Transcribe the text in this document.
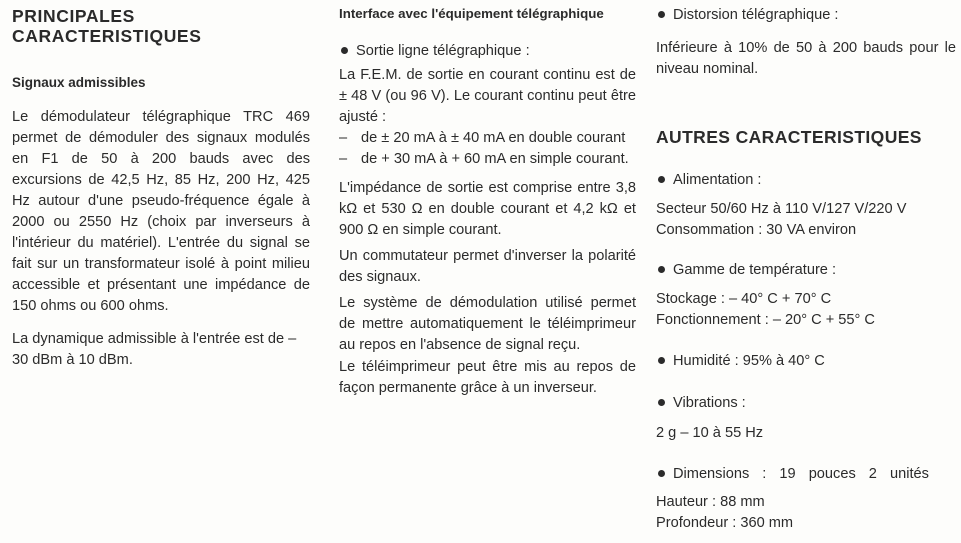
PRINCIPALES
CARACTERISTIQUES
Signaux admissibles

Le démodulateur télégraphique TRC 469 permet de démoduler des signaux modulés en F1 de 50 à 200 bauds avec des excursions de 42,5 Hz, 85 Hz, 200 Hz, 425 Hz autour d'une pseudo-fréquence égale à 2000 ou 2550 Hz (choix par inverseurs à l'intérieur du matériel). L'entrée du signal se fait sur un transformateur isolé à point milieu accessible et présentant une impédance de 150 ohms ou 600 ohms.

La dynamique admissible à l'entrée est de – 30 dBm à 10 dBm.

Interface avec l'équipement télégraphique
Sortie ligne télégraphique :

La F.E.M. de sortie en courant continu est de ± 48 V (ou 96 V). Le courant continu peut être ajusté :

– de ± 20 mA à ± 40 mA en double courant
– de + 30 mA à + 60 mA en simple courant.

L'impédance de sortie est comprise entre 3,8 kΩ et 530 Ω en double courant et 4,2 kΩ et 900 Ω en simple courant.

Un commutateur permet d'inverser la polarité des signaux.

Le système de démodulation utilisé permet de mettre automatiquement le téléimprimeur au repos en l'absence de signal reçu.

Le téléimprimeur peut être mis au repos de façon permanente grâce à un inverseur.

Distorsion télégraphique :

Inférieure à 10% de 50 à 200 bauds pour le niveau nominal.

AUTRES CARACTERISTIQUES
Alimentation :

Secteur 50/60 Hz à 110 V/127 V/220 V

Consommation : 30 VA environ

Gamme de température :

Stockage : – 40° C + 70° C

Fonctionnement : – 20° C + 55° C

Humidité : 95% à 40° C
Vibrations :

2 g – 10 à 55 Hz

Dimensions : 19 pouces 2 unités

Hauteur : 88 mm

Profondeur : 360 mm
